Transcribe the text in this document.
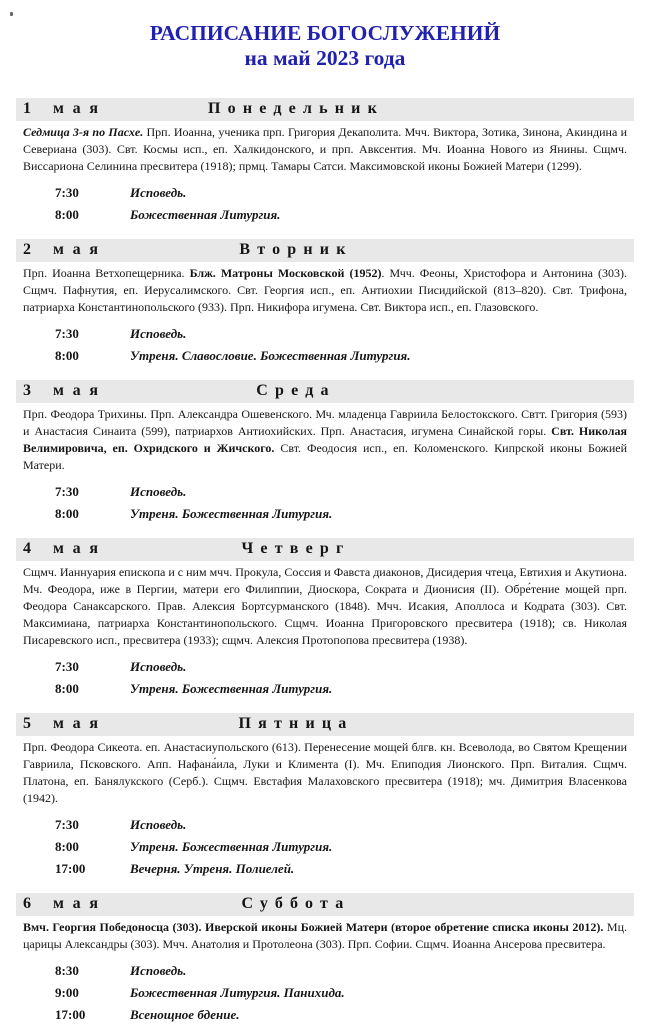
РАСПИСАНИЕ БОГОСЛУЖЕНИЙ
на май 2023 года
1 мая	Понедельник

Седмица 3-я по Пасхе. Прп. Иоанна, ученика прп. Григория Декаполита. Мчч. Виктора, Зотика, Зинона, Акиндина и Севериана (303). Свт. Космы исп., еп. Халкидонского, и прп. Авксентия. Мч. Иоанна Нового из Янины. Сщмч. Виссариона Селинина пресвитера (1918); прмц. Тамары Сатси. Максимовской иконы Божией Матери (1299).

7:30	Исповедь.
8:00	Божественная Литургия.
2 мая	Вторник

Прп. Иоанна Ветхопещерника. Блж. Матроны Московской (1952). Мчч. Феоны, Христофора и Антонина (303). Сщмч. Пафнутия, еп. Иерусалимского. Свт. Георгия исп., еп. Антиохии Писидийской (813–820). Свт. Трифона, патриарха Константинопольского (933). Прп. Никифора игумена. Свт. Виктора исп., еп. Глазовского.

7:30	Исповедь.
8:00	Утреня. Славословие. Божественная Литургия.
3 мая	Среда

Прп. Феодора Трихины. Прп. Александра Ошевенского. Мч. младенца Гавриила Белостокского. Свтт. Григория (593) и Анастасия Синаита (599), патриархов Антиохийских. Прп. Анастасия, игумена Синайской горы. Свт. Николая Велимировича, еп. Охридского и Жичского. Свт. Феодосия исп., еп. Коломенского. Кипрской иконы Божией Матери.

7:30	Исповедь.
8:00	Утреня. Божественная Литургия.
4 мая	Четверг

Сщмч. Ианнуария епископа и с ним мчч. Прокула, Соссия и Фавста диаконов, Дисидерия чтеца, Евтихия и Акутиона. Мч. Феодора, иже в Пергии, матери его Филиппии, Диоскора, Сократа и Дионисия (II). Обре́тение мощей прп. Феодора Санаксарского. Прав. Алексия Бортсурманского (1848). Мчч. Исакия, Аполлоса и Кодрата (303). Свт. Максимиана, патриарха Константинопольского. Сщмч. Иоанна Пригоровского пресвитера (1918); св. Николая Писаревского исп., пресвитера (1933); сщмч. Алексия Протопопова пресвитера (1938).

7:30	Исповедь.
8:00	Утреня. Божественная Литургия.
5 мая	Пятница

Прп. Феодора Сикеота. еп. Анастасиупольского (613). Перенесение мощей блгв. кн. Всеволода, во Святом Крещении Гавриила, Псковского. Апп. Нафана́ила, Луки и Климента (I). Мч. Епиподия Лионского. Прп. Виталия. Сщмч. Платона, еп. Банялукского (Серб.). Сщмч. Евстафия Малаховского пресвитера (1918); мч. Димитрия Власенкова (1942).

7:30	Исповедь.
8:00	Утреня. Божественная Литургия.
17:00	Вечерня. Утреня. Полиелей.
6 мая	Суббота

Вмч. Георгия Победоносца (303). Иверской иконы Божией Матери (второе обретение списка иконы 2012). Мц. царицы Александры (303). Мчч. Анатолия и Протолеона (303). Прп. Софии. Сщмч. Иоанна Ансерова пресвитера.

8:30	Исповедь.
9:00	Божественная Литургия. Панихида.
17:00	Всенощное бдение.
